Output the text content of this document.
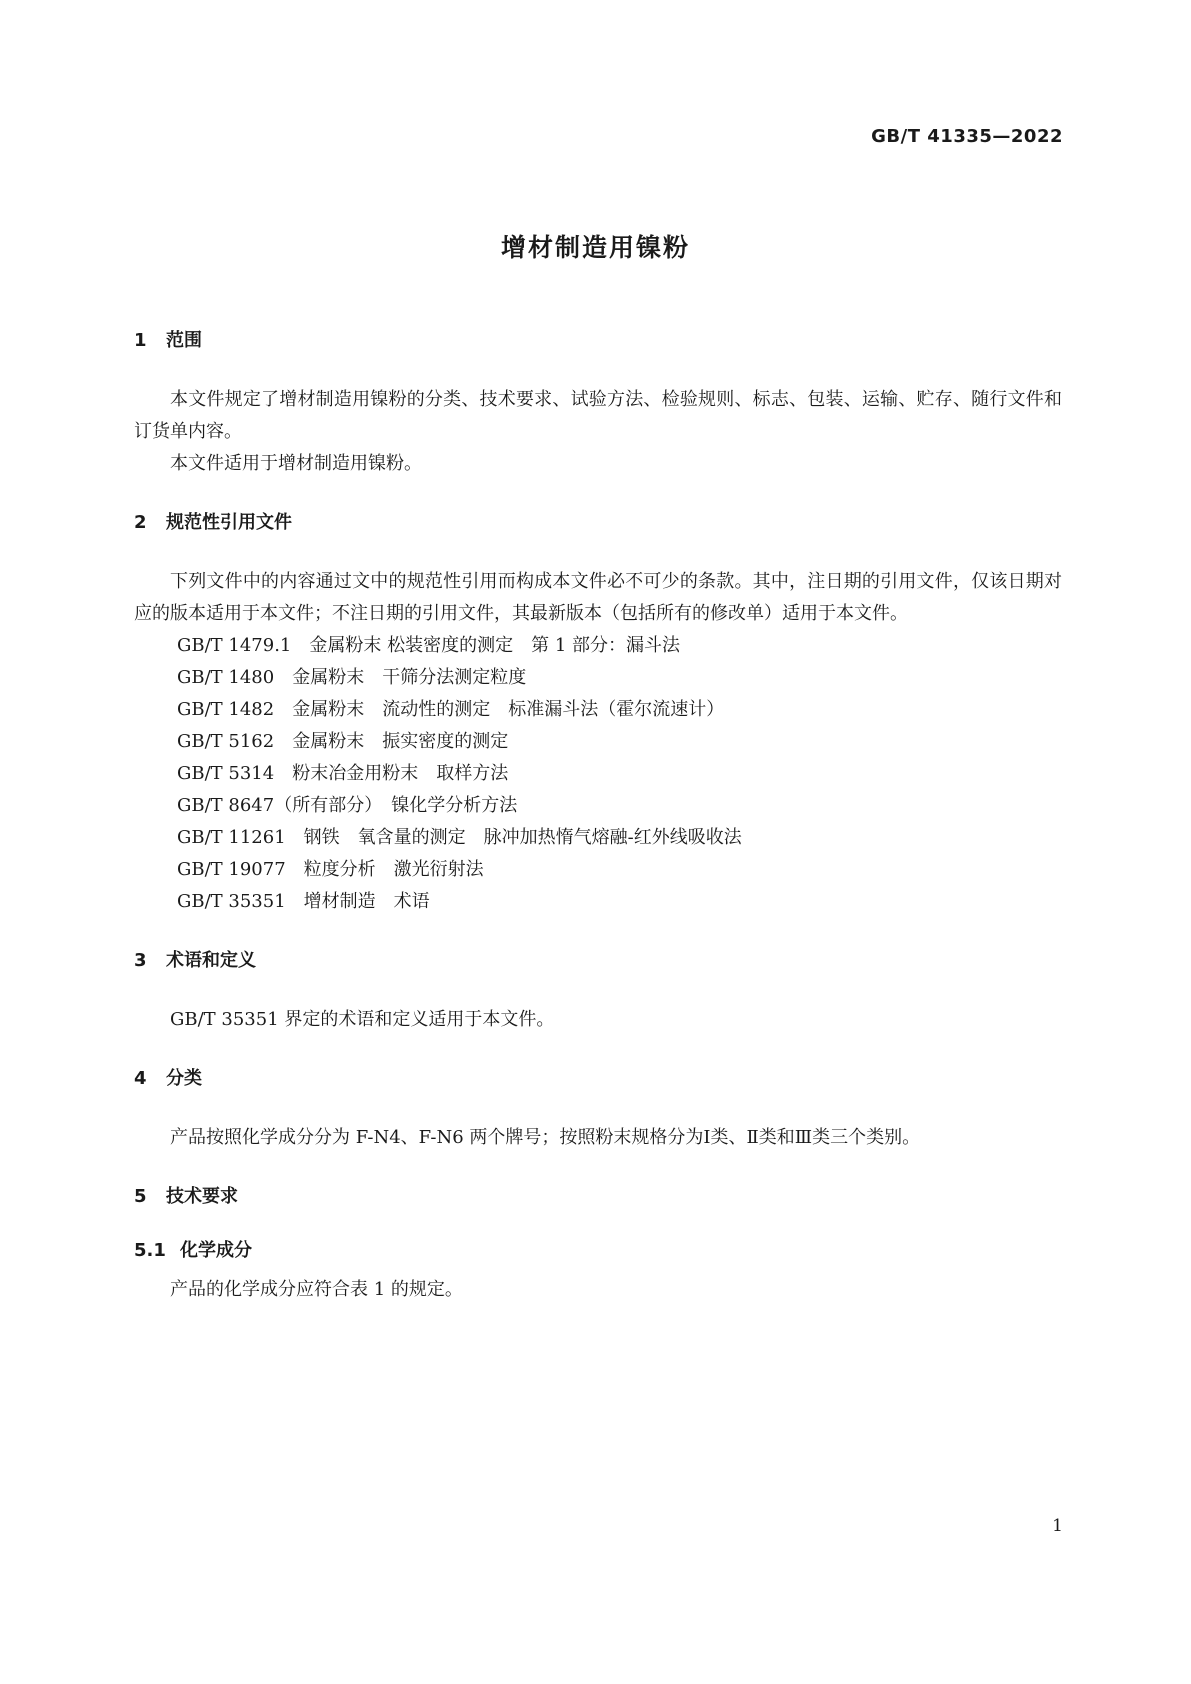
GB/T 41335—2022
增材制造用镍粉
1 范围

本文件规定了增材制造用镍粉的分类、技术要求、试验方法、检验规则、标志、包装、运输、贮存、随行文件和订货单内容。

本文件适用于增材制造用镍粉。

2 规范性引用文件

下列文件中的内容通过文中的规范性引用而构成本文件必不可少的条款。其中，注日期的引用文件，仅该日期对应的版本适用于本文件；不注日期的引用文件，其最新版本（包括所有的修改单）适用于本文件。

GB/T 1479.1　金属粉末 松装密度的测定　第 1 部分：漏斗法
GB/T 1480　金属粉末　干筛分法测定粒度
GB/T 1482　金属粉末　流动性的测定　标准漏斗法（霍尔流速计）
GB/T 5162　金属粉末　振实密度的测定
GB/T 5314　粉末冶金用粉末　取样方法
GB/T 8647（所有部分）　镍化学分析方法
GB/T 11261　钢铁　氧含量的测定　脉冲加热惰气熔融-红外线吸收法
GB/T 19077　粒度分析　激光衍射法
GB/T 35351　增材制造　术语
3 术语和定义

GB/T 35351 界定的术语和定义适用于本文件。

4 分类

产品按照化学成分分为 F-N4、F-N6 两个牌号；按照粉末规格分为Ⅰ类、Ⅱ类和Ⅲ类三个类别。

5 技术要求
5.1 化学成分

产品的化学成分应符合表 1 的规定。

1
